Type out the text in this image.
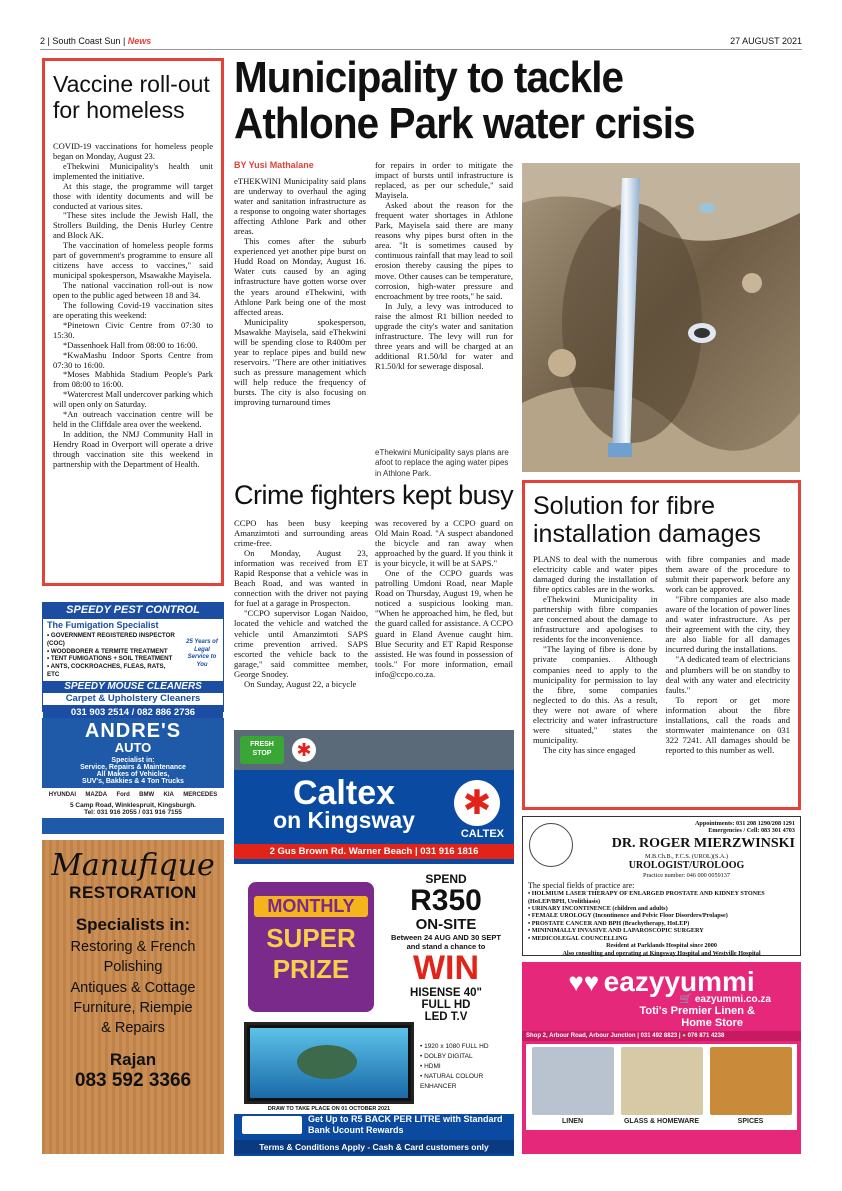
2 | South Coast Sun | News	27 AUGUST 2021
Vaccine roll-out for homeless

COVID-19 vaccinations for homeless people began on Monday, August 23.

eThekwini Municipality's health unit implemented the initiative.

At this stage, the programme will target those with identity documents and will be conducted at various sites.

"These sites include the Jewish Hall, the Strollers Building, the Denis Hurley Centre and Block AK.

The vaccination of homeless people forms part of government's programme to ensure all citizens have access to vaccines," said municipal spokesperson, Msawakhe Mayisela.

The national vaccination roll-out is now open to the public aged between 18 and 34.

The following Covid-19 vaccination sites are operating this weekend:

*Pinetown Civic Centre from 07:30 to 15:30.

*Dassenhoek Hall from 08:00 to 16:00.

*KwaMashu Indoor Sports Centre from 07:30 to 16:00.

*Moses Mabhida Stadium People's Park from 08:00 to 16:00.

*Watercrest Mall undercover parking which will open only on Saturday.

*An outreach vaccination centre will be held in the Cliffdale area over the weekend.

In addition, the NMJ Community Hall in Hendry Road in Overport will operate a drive through vaccination site this weekend in partnership with the Department of Health.

Municipality to tackle Athlone Park water crisis
BY Yusi Mathalane

eTHEKWINI Municipality said plans are underway to overhaul the aging water and sanitation infrastructure as a response to ongoing water shortages affecting Athlone Park and other areas.

This comes after the suburb experienced yet another pipe burst on Hudd Road on Monday, August 16. Water cuts caused by an aging infrastructure have gotten worse over the years around eThekwini, with Athlone Park being one of the most affected areas.

Municipality spokesperson, Msawakhe Mayisela, said eThekwini will be spending close to R400m per year to replace pipes and build new reservoirs. "There are other initiatives such as pressure management which will help reduce the frequency of bursts. The city is also focusing on improving turnaround times

for repairs in order to mitigate the impact of bursts until infrastructure is replaced, as per our schedule," said Mayisela.

Asked about the reason for the frequent water shortages in Athlone Park, Mayisela said there are many reasons why pipes burst often in the area. "It is sometimes caused by continuous rainfall that may lead to soil erosion thereby causing the pipes to move. Other causes can be temperature, corrosion, high-water pressure and encroachment by tree roots," he said.

In July, a levy was introduced to raise the almost R1 billion needed to upgrade the city's water and sanitation infrastructure. The levy will run for three years and will be charged at an additional R1.50/kl for water and R1.50/kl for sewerage disposal.

eThekwini Municipality says plans are afoot to replace the aging water pipes in Athlone Park.
Crime fighters kept busy

CCPO has been busy keeping Amanzimtoti and surrounding areas crime-free.

On Monday, August 23, information was received from ET Rapid Response that a vehicle was in Beach Road, and was wanted in connection with the driver not paying for fuel at a garage in Prospecton.

"CCPO supervisor Logan Naidoo, located the vehicle and watched the vehicle until Amanzimtoti SAPS crime prevention arrived. SAPS escorted the vehicle back to the garage," said committee member, George Snodey.

On Sunday, August 22, a bicycle

was recovered by a CCPO guard on Old Main Road. "A suspect abandoned the bicycle and ran away when approached by the guard. If you think it is your bicycle, it will be at SAPS."

One of the CCPO guards was patrolling Umdoni Road, near Maple Road on Thursday, August 19, when he noticed a suspicious looking man. "When he approached him, he fled, but the guard called for assistance. A CCPO guard in Eland Avenue caught him. Blue Security and ET Rapid Response assisted. He was found in possession of tools." For more information, email info@ccpo.co.za.

Solution for fibre installation damages

PLANS to deal with the numerous electricity cable and water pipes damaged during the installation of fibre optics cables are in the works.

eThekwini Municipality in partnership with fibre companies are concerned about the damage to infrastructure and apologises to residents for the inconvenience.

"The laying of fibre is done by private companies. Although companies need to apply to the municipality for permission to lay the fibre, some companies neglected to do this. As a result, they were not aware of where electricity and water infrastructure were situated," states the municipality.

The city has since engaged

with fibre companies and made them aware of the procedure to submit their paperwork before any work can be approved.

"Fibre companies are also made aware of the location of power lines and water infrastructure. As per their agreement with the city, they are also liable for all damages incurred during the installations.

"A dedicated team of electricians and plumbers will be on standby to deal with any water and electricity faults."

To report or get more information about the fibre installations, call the roads and stormwater maintenance on 031 322 7241. All damages should be reported to this number as well.

SPEEDY PEST CONTROL
The Fumigation Specialist
• GOVERNMENT REGISTERED INSPECTOR (COC)
• WOODBORER & TERMITE TREATMENT
• TENT FUMIGATIONS + SOIL TREATMENT
• ANTS, COCKROACHES, FLEAS, RATS, ETC
25 Years of Legal Service to You
SPEEDY MOUSE CLEANERS
Carpet & Upholstery Cleaners
031 903 2514 / 082 886 2736
ANDRE'S
AUTO
Specialist in:
Service, Repairs & Maintenance
All Makes of Vehicles,
SUV's, Bakkies & 4 Ton Trucks
HYUNDAI MAZDA Ford BMW KIA MERCEDES
5 Camp Road, Winklespruit, Kingsburgh.
Tel: 031 916 2055 / 031 916 7155
Manufique
RESTORATION
Specialists in:
Restoring & French
Polishing
Antiques & Cottage
Furniture, Riempie
& Repairs
Rajan
083 592 3366
FRESH STOP	✱
Caltex
on Kingsway	✱
CALTEX
2 Gus Brown Rd. Warner Beach | 031 916 1816
MONTHLY
SUPER
PRIZE
SPEND
R350
ON-SITE
Between 24 AUG AND 30 SEPT and stand a chance to
WIN
HISENSE 40"
FULL HD
LED T.V
• 1920 x 1080 FULL HD
• DOLBY DIGITAL
• HDMI
• NATURAL COLOUR ENHANCER
DRAW TO TAKE PLACE ON 01 OCTOBER 2021
Get Up to R5 BACK PER LITRE with Standard Bank Ucount Rewards
Terms & Conditions Apply - Cash & Card customers only
Appointments: 031 208 1290/208 1291
Emergencies / Cell: 083 301 4703
DR. ROGER MIERZWINSKI
M.B.Ch.B., F.C.S. (UROL)(S.A.)
UROLOGIST/UROLOOG
Practice number: 046 000 0059137
The special fields of practice are:
• HOLMIUM LASER THERAPY OF ENLARGED PROSTATE AND KIDNEY STONES (HoLEP/BPH, Urolithiasis)
• URINARY INCONTINENCE (children and adults)
• FEMALE UROLOGY (Incontinence and Pelvic Floor Disorders/Prolapse)
• PROSTATE CANCER AND BPH (Brachytherapy, HoLEP)
• MININIMALLY INVASIVE AND LAPAROSCOPIC SURGERY
• MEDICOLEGAL COUNCELLING
Resident at Parklands Hospital since 2000
Also consulting and operating at Kingsway Hospital and Westville Hospital
♥♥ eazyyummi
🛒 eazyummi.co.za
Toti's Premier Linen &
Home Store
Shop 2, Arbour Road, Arbour Junction | 031 492 8823 | ● 076 871 4238
LINEN	GLASS & HOMEWARE	SPICES
